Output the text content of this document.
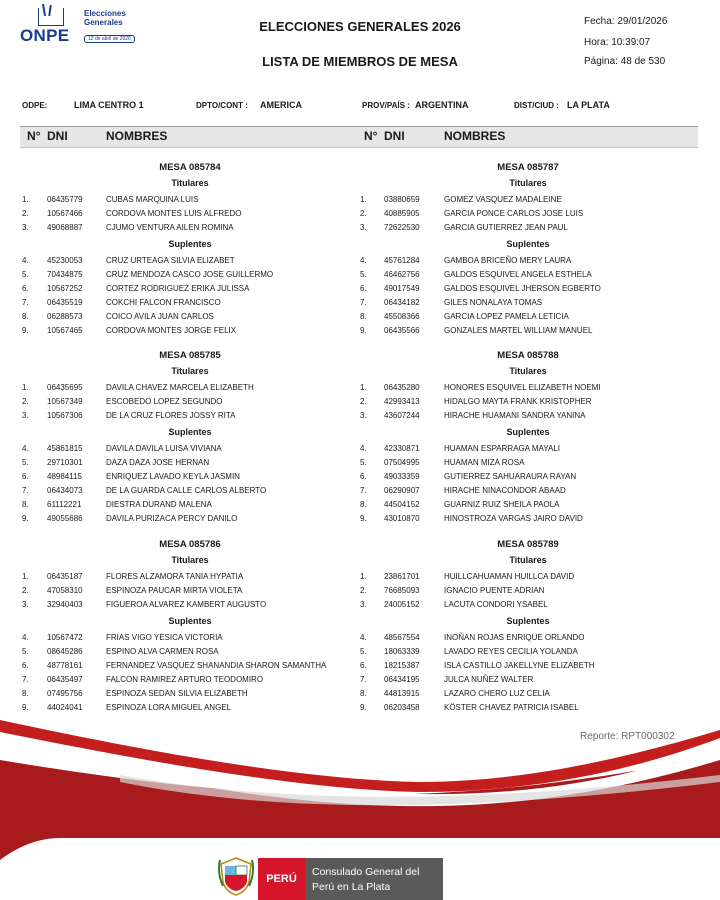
ONPE
Elecciones
Generales
12 de abril de 2026
ELECCIONES GENERALES 2026
LISTA DE MIEMBROS DE MESA
Fecha: 29/01/2026
Hora: 10:39:07
Página: 48 de 530
ODPE:	LIMA CENTRO 1	DPTO/CONT : AMERICA	PROV/PAÍS : ARGENTINA	DIST/CIUD : LA PLATA
N° DNI	NOMBRES	N° DNI	NOMBRES
MESA 085784
Titulares
1. 06435779	CUBAS MARQUINA LUIS
2. 10567466	CORDOVA MONTES LUIS ALFREDO
3. 49068887	CJUMO VENTURA AILEN ROMINA
Suplentes
4. 45230053	CRUZ URTEAGA SILVIA ELIZABET
5. 70434875	CRUZ MENDOZA CASCO JOSE GUILLERMO
6. 10567252	CORTEZ RODRIGUEZ ERIKA JULISSA
7. 06435519	COKCHI FALCON FRANCISCO
8. 06288573	COICO AVILA JUAN CARLOS
9. 10567465	CORDOVA MONTES JORGE FELIX
MESA 085787
Titulares
1. 03880659	GOMEZ VASQUEZ MADALEINE
2. 40885905	GARCIA PONCE CARLOS JOSE LUIS
3. 72622530	GARCIA GUTIERREZ JEAN PAUL
Suplentes
4. 45761284	GAMBOA BRICEÑO MERY LAURA
5. 46462756	GALDOS ESQUIVEL ANGELA ESTHELA
6. 49017549	GALDOS ESQUIVEL JHERSON EGBERTO
7. 06434182	GILES NONALAYA TOMAS
8. 45508366	GARCIA LOPEZ PAMELA LETICIA
9. 06435566	GONZALES MARTEL WILLIAM MANUEL
MESA 085785
Titulares
1. 06435695	DAVILA CHAVEZ MARCELA ELIZABETH
2. 10567349	ESCOBEDO LOPEZ SEGUNDO
3. 10567306	DE LA CRUZ FLORES JOSSY RITA
Suplentes
4. 45861815	DAVILA DAVILA LUISA VIVIANA
5. 29710301	DAZA DAZA JOSE HERNAN
6. 48984115	ENRIQUEZ LAVADO KEYLA JASMIN
7. 06434073	DE LA GUARDA CALLE CARLOS ALBERTO
8. 61112221	DIESTRA DURAND MALENA
9. 49055686	DAVILA PURIZACA PERCY DANILO
MESA 085788
Titulares
1. 06435280	HONORES ESQUIVEL ELIZABETH NOEMI
2. 42993413	HIDALGO MAYTA FRANK KRISTOPHER
3. 43607244	HIRACHE HUAMANI SANDRA YANINA
Suplentes
4. 42330871	HUAMAN ESPARRAGA MAYALI
5. 07504995	HUAMAN MIZA ROSA
6. 49033359	GUTIERREZ SAHUARAURA RAYAN
7. 06290907	HIRACHE NINACONDOR ABAAD
8. 44504152	GUARNIZ RUIZ SHEILA PAOLA
9. 43010870	HINOSTROZA VARGAS JAIRO DAVID
MESA 085786
Titulares
1. 06435187	FLORES ALZAMORA TANIA HYPATIA
2. 47058310	ESPINOZA PAUCAR MIRTA VIOLETA
3. 32940403	FIGUEROA ALVAREZ KAMBERT AUGUSTO
Suplentes
4. 10567472	FRIAS VIGO YESICA VICTORIA
5. 08645286	ESPINO ALVA CARMEN ROSA
6. 48778161	FERNANDEZ VASQUEZ SHANANDIA SHARON SAMANTHA
7. 06435497	FALCON RAMIREZ ARTURO TEODOMIRO
8. 07495756	ESPINOZA SEDAN SILVIA ELIZABETH
9. 44024041	ESPINOZA LORA MIGUEL ANGEL
MESA 085789
Titulares
1. 23861701	HUILLCAHUAMAN HUILLCA DAVID
2. 76685093	IGNACIO PUENTE ADRIAN
3. 24005152	LACUTA CONDORI YSABEL
Suplentes
4. 48567554	INOÑAN ROJAS ENRIQUE ORLANDO
5. 18063339	LAVADO REYES CECILIA YOLANDA
6. 18215387	ISLA CASTILLO JAKELLYNE ELIZABETH
7. 06434195	JULCA NUÑEZ WALTER
8. 44813915	LAZARO CHERO LUZ CELIA
9. 06203458	KÖSTER CHAVEZ PATRICIA ISABEL
Reporte: RPT000302
PERÚ
Consulado General del
Perú en La Plata
